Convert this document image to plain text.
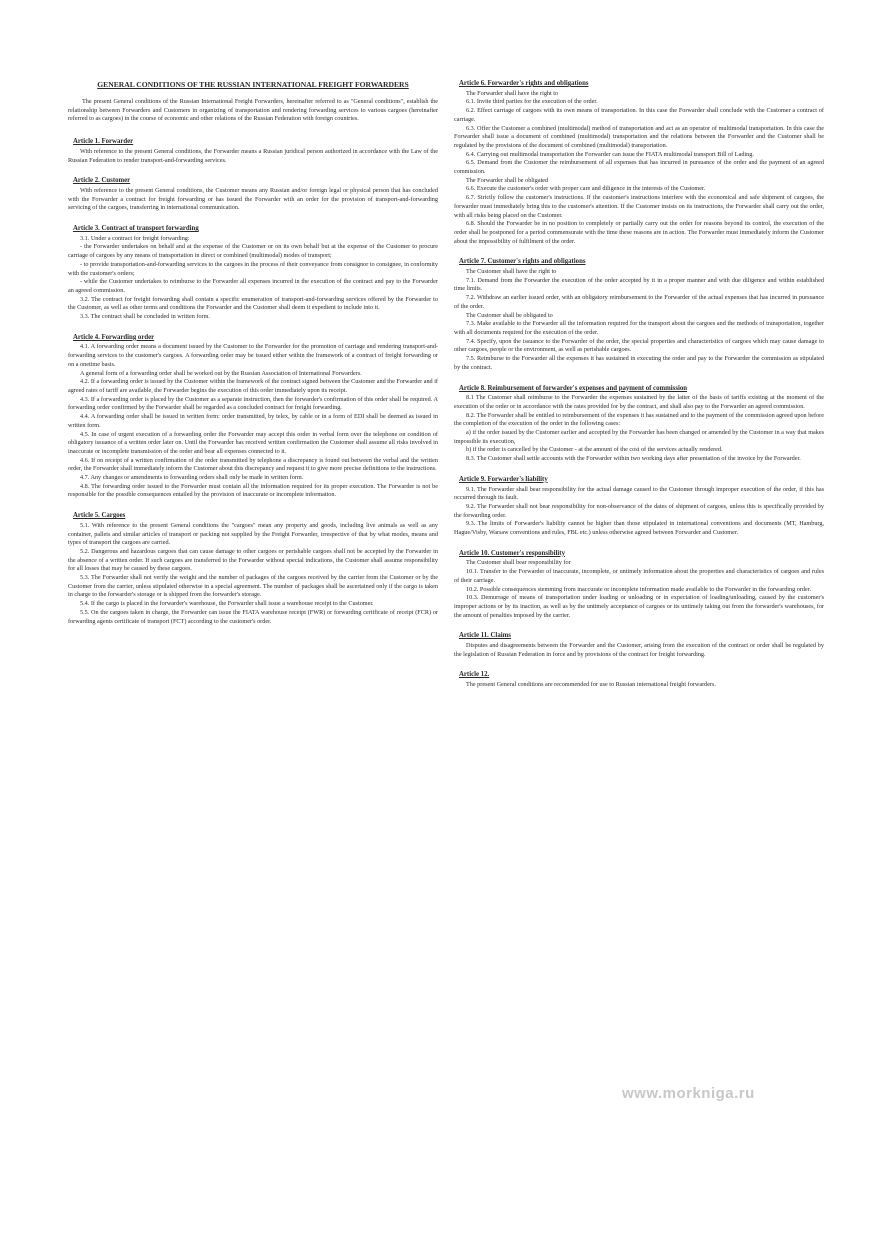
GENERAL CONDITIONS OF THE RUSSIAN INTERNATIONAL FREIGHT FORWARDERS

The present General conditions of the Russian International Freight Forwarders, hereinafter referred to as "General conditions", establish the relationship between Forwarders and Customers in organizing of transportation and rendering forwarding services to various cargoes (hereinafter referred to as cargoes) in the course of economic and other relations of the Russian Federation with foreign countries.

Article 1. Forwarder

With reference to the present General conditions, the Forwarder means a Russian juridical person authorized in accordance with the Law of the Russian Federation to render transport-and-forwarding services.

Article 2. Customer

With reference to the present General conditions, the Customer means any Russian and/or foreign legal or physical person that has concluded with the Forwarder a contract for freight forwarding or has issued the Forwarder with an order for the provision of transport-and-forwarding servicing of the cargoes, transferring in international communication.

Article 3. Contract of transport forwarding

3.1. Under a contract for freight forwarding:

- the Forwarder undertakes on behalf and at the expense of the Customer or on its own behalf but at the expense of the Customer to procure carriage of cargoes by any means of transportation in direct or combined (multimodal) modes of transport;

- to provide transportation-and-forwarding services to the cargoes in the process of their conveyance from consignor to consignee, in conformity with the customer's orders;

- while the Customer undertakes to reimburse to the Forwarder all expenses incurred in the execution of the contract and pay to the Forwarder an agreed commission.

3.2. The contract for freight forwarding shall contain a specific enumeration of transport-and-forwarding services offered by the Forwarder to the Customer, as well as other terms and conditions the Forwarder and the Customer shall deem it expedient to include into it.

3.3. The contract shall be concluded in written form.

Article 4. Forwarding order

4.1. A forwarding order means a document issued by the Customer to the Forwarder for the promotion of carriage and rendering transport-and-forwarding services to the customer's cargoes. A forwarding order may be issued either within the framework of a contract of freight forwarding or on a onetime basis.

A general form of a forwarding order shall be worked out by the Russian Association of International Forwarders.

4.2. If a forwarding order is issued by the Customer within the framework of the contract signed between the Customer and the Forwarder and if agreed rates of tariff are available, the Forwarder begins the execution of this order immediately upon its receipt.

4.3. If a forwarding order is placed by the Customer as a separate instruction, then the forwarder's confirmation of this order shall be required. A forwarding order confirmed by the Forwarder shall be regarded as a concluded contract for freight forwarding.

4.4. A forwarding order shall be issued in written form: order transmitted, by telex, by cable or in a form of EDI shall be deemed as issued in written form.

4.5. In case of urgent execution of a forwarding order the Forwarder may accept this order in verbal form over the telephone on condition of obligatory issuance of a written order later on. Until the Forwarder has received written confirmation the Customer shall assume all risks involved in inaccurate or incomplete transmission of the order and bear all expenses connected to it.

4.6. If on receipt of a written confirmation of the order transmitted by telephone a discrepancy is found out between the verbal and the written order, the Forwarder shall immediately inform the Customer about this discrepancy and request it to give more precise definitions to the instructions.

4.7. Any changes or amendments to forwarding orders shall only be made in written form.

4.8. The forwarding order issued to the Forwarder must contain all the information required for its proper execution. The Forwarder is not be responsible for the possible consequences entailed by the provision of inaccurate or incomplete information.

Article 5. Cargoes

5.1. With reference to the present General conditions the "cargoes" mean any property and goods, including live animals as well as any container, pallets and similar articles of transport or packing not supplied by the Freight Forwarder, irrespective of that by what modes, means and types of transport the cargoes are carried.

5.2. Dangerous and hazardous cargoes that can cause damage to other cargoes or perishable cargoes shall not be accepted by the Forwarder in the absence of a written order. If such cargoes are transferred to the Forwarder without special indications, the Customer shall assume responsibility for all losses that may be caused by these cargoes.

5.3. The Forwarder shall not verify the weight and the number of packages of the cargoes received by the carrier from the Customer or by the Customer from the carrier, unless stipulated otherwise in a special agreement. The number of packages shall be ascertained only if the cargo is taken in charge to the forwarder's storage or is shipped from the forwarder's storage.

5.4. If the cargo is placed in the forwarder's warehouse, the Forwarder shall issue a warehouse receipt to the Customer.

5.5. On the cargoes taken in charge, the Forwarder can issue the FIATA warehouse receipt (FWR) or forwarding certificate of receipt (FCR) or forwarding agents certificate of transport (FCT) according to the customer's order.

Article 6. Forwarder's rights and obligations

The Forwarder shall have the right to

6.1. Invite third parties for the execution of the order.

6.2. Effect carriage of cargoes with its own means of transportation. In this case the Forwarder shall conclude with the Customer a contract of carriage.

6.3. Offer the Customer a combined (multimodal) method of transportation and act as an operator of multimodal transportation. In this case the Forwarder shall issue a document of combined (multimodal) transportation and the relations between the Forwarder and the Customer shall be regulated by the provisions of the document of combined (multimodal) transportation.

6.4. Carrying out multimodal transportation the Forwarder can issue the FIATA multimodal transport Bill of Lading.

6.5. Demand from the Customer the reimbursement of all expenses that has incurred in pursuance of the order and the payment of an agreed commission.

The Forwarder shall be obligated

6.6. Execute the customer's order with proper care and diligence in the interests of the Customer.

6.7. Strictly follow the customer's instructions. If the customer's instructions interfere with the economical and safe shipment of cargoes, the forwarder must immediately bring this to the customer's attention. If the Customer insists on its instructions, the Forwarder shall carry out the order, with all risks being placed on the Customer.

6.8. Should the Forwarder be in no position to completely or partially carry out the order for reasons beyond its control, the execution of the order shall be postponed for a period commensurate with the time these reasons are in action. The Forwarder must immediately inform the Customer about the impossibility of fulfilment of the order.

Article 7. Customer's rights and obligations

The Customer shall have the right to

7.1. Demand from the Forwarder the execution of the order accepted by it in a proper manner and with due diligence and within established time limits.

7.2. Withdraw an earlier issued order, with an obligatory reimbursement to the Forwarder of the actual expenses that has incurred in pursuance of the order.

The Customer shall be obligated to

7.3. Make available to the Forwarder all the information required for the transport about the cargoes and the methods of transportation, together with all documents required for the execution of the order.

7.4. Specify, upon the issuance to the Forwarder of the order, the special properties and characteristics of cargoes which may cause damage to other cargoes, people or the environment, as well as perishable cargoes.

7.5. Reimburse to the Forwarder all the expenses it has sustained in executing the order and pay to the Forwarder the commission as stipulated by the contract.

Article 8. Reimbursement of forwarder's expenses and payment of commission

8.1 The Customer shall reimburse to the Forwarder the expenses sustained by the latter of the basis of tariffs existing at the moment of the execution of the order or in accordance with the rates provided for by the contract, and shall also pay to the Forwarder an agreed commission.

8.2. The Forwarder shall be entitled to reimbursement of the expenses it has sustained and to the payment of the commission agreed upon before the completion of the execution of the order in the following cases:

a) if the order issued by the Customer earlier and accepted by the Forwarder has been changed or amended by the Customer in a way that makes impossible its execution,

b) if the order is cancelled by the Customer - at the amount of the cost of the services actually rendered.

8.3. The Customer shall settle accounts with the Forwarder within two working days after presentation of the invoice by the Forwarder.

Article 9. Forwarder's liability

9.1. The Forwarder shall bear responsibility for the actual damage caused to the Customer through improper execution of the order, if this has occurred through its fault.

9.2. The Forwarder shall not bear responsibility for non-observance of the dates of shipment of cargoes, unless this is specifically provided by the forwarding order.

9.3. The limits of Forwarder's liability cannot be higher than those stipulated in international conventions and documents (MT, Hamburg, Hague/Visby, Warsaw conventions and rules, FBL etc.) unless otherwise agreed between Forwarder and Customer.

Article 10. Customer's responsibility

The Customer shall bear responsibility for

10.1. Transfer to the Forwarder of inaccurate, incomplete, or untimely information about the properties and characteristics of cargoes and rules of their carriage.

10.2. Possible consequences stemming from inaccurate or incomplete information made available to the Forwarder in the forwarding order.

10.3. Demurrage of means of transportation under loading or unloading or in expectation of loading/unloading, caused by the customer's improper actions or by its inaction, as well as by the untimely acceptance of cargoes or its untimely taking out from the forwarder's warehouses, for the amount of penalties imposed by the carrier.

Article 11. Claims

Disputes and disagreements between the Forwarder and the Customer, arising from the execution of the contract or order shall be regulated by the legislation of Russian Federation in force and by provisions of the contract for freight forwarding.

Article 12.

The present General conditions are recommended for use to Russian international freight forwarders.

www.morkniga.ru
